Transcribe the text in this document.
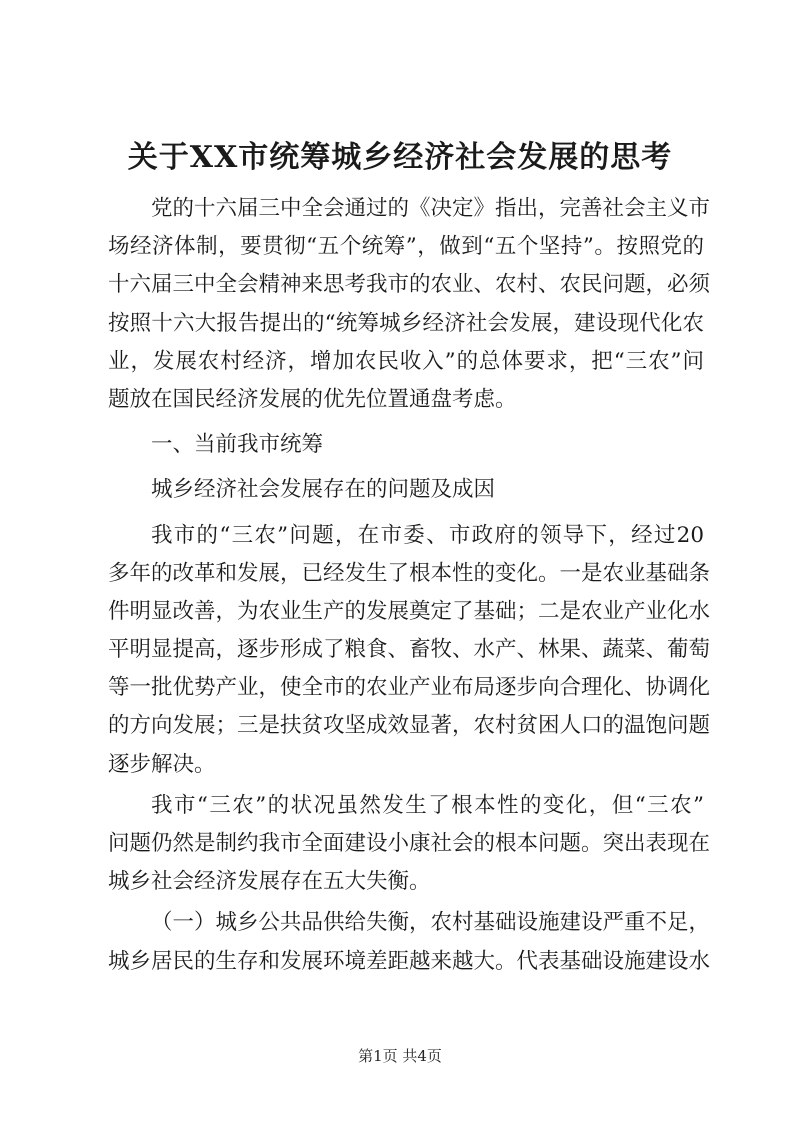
关于XX市统筹城乡经济社会发展的思考
党的十六届三中全会通过的《决定》指出，完善社会主义市
场经济体制，要贯彻“五个统筹”，做到“五个坚持”。按照党的
十六届三中全会精神来思考我市的农业、农村、农民问题，必须
按照十六大报告提出的“统筹城乡经济社会发展，建设现代化农
业，发展农村经济，增加农民收入”的总体要求，把“三农”问
题放在国民经济发展的优先位置通盘考虑。
一、当前我市统筹
城乡经济社会发展存在的问题及成因
我市的“三农”问题，在市委、市政府的领导下，经过20
多年的改革和发展，已经发生了根本性的变化。一是农业基础条
件明显改善，为农业生产的发展奠定了基础；二是农业产业化水
平明显提高，逐步形成了粮食、畜牧、水产、林果、蔬菜、葡萄
等一批优势产业，使全市的农业产业布局逐步向合理化、协调化
的方向发展；三是扶贫攻坚成效显著，农村贫困人口的温饱问题
逐步解决。
我市“三农”的状况虽然发生了根本性的变化，但“三农”
问题仍然是制约我市全面建设小康社会的根本问题。突出表现在
城乡社会经济发展存在五大失衡。
（一）城乡公共品供给失衡，农村基础设施建设严重不足，
城乡居民的生存和发展环境差距越来越大。代表基础设施建设水
第1页 共4页
